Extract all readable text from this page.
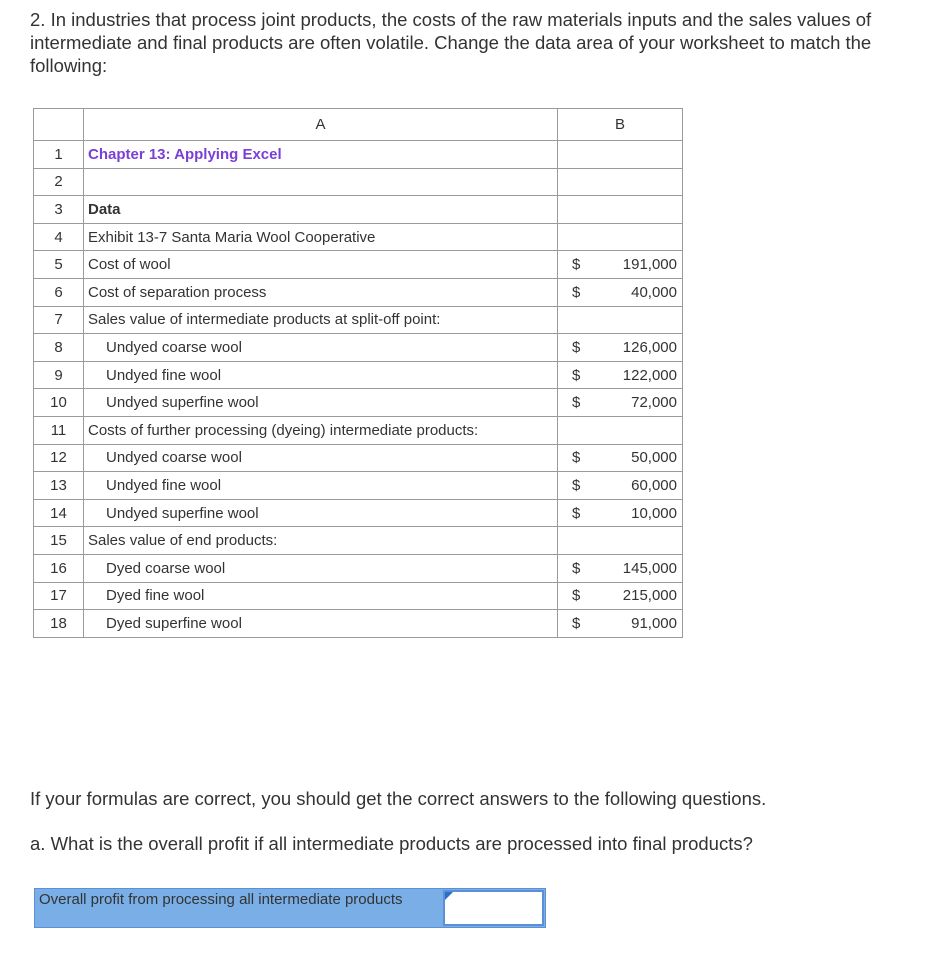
2. In industries that process joint products, the costs of the raw materials inputs and the sales values of intermediate and final products are often volatile. Change the data area of your worksheet to match the following:

	A	B
1	Chapter 13: Applying Excel	

2		

3	Data	

4	Exhibit 13-7 Santa Maria Wool Cooperative	

5	Cost of wool	$ 191,000

6	Cost of separation process	$ 40,000

7	Sales value of intermediate products at split-off point:	

8	Undyed coarse wool	$ 126,000

9	Undyed fine wool	$ 122,000

10	Undyed superfine wool	$ 72,000

11	Costs of further processing (dyeing) intermediate products:	

12	Undyed coarse wool	$ 50,000

13	Undyed fine wool	$ 60,000

14	Undyed superfine wool	$ 10,000

15	Sales value of end products:	

16	Dyed coarse wool	$ 145,000

17	Dyed fine wool	$ 215,000

18	Dyed superfine wool	$ 91,000

If your formulas are correct, you should get the correct answers to the following questions.

a. What is the overall profit if all intermediate products are processed into final products?

Overall profit from processing all intermediate products
